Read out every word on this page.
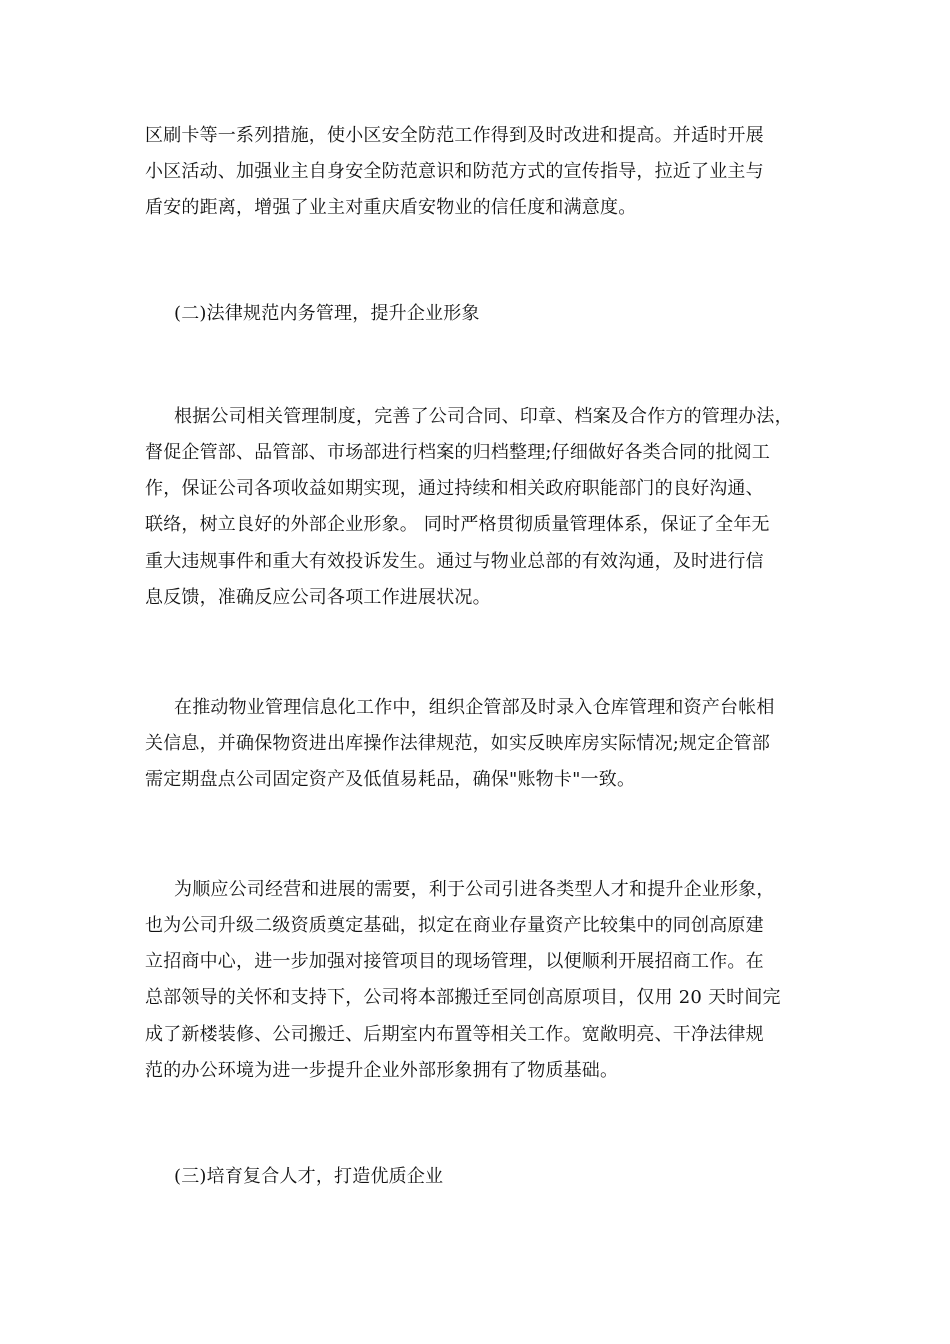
区刷卡等一系列措施，使小区安全防范工作得到及时改进和提高。并适时开展
小区活动、加强业主自身安全防范意识和防范方式的宣传指导，拉近了业主与
盾安的距离，增强了业主对重庆盾安物业的信任度和满意度。
(二)法律规范内务管理，提升企业形象
根据公司相关管理制度，完善了公司合同、印章、档案及合作方的管理办法，
督促企管部、品管部、市场部进行档案的归档整理;仔细做好各类合同的批阅工
作，保证公司各项收益如期实现，通过持续和相关政府职能部门的良好沟通、
联络，树立良好的外部企业形象。 同时严格贯彻质量管理体系，保证了全年无
重大违规事件和重大有效投诉发生。通过与物业总部的有效沟通，及时进行信
息反馈，准确反应公司各项工作进展状况。
在推动物业管理信息化工作中，组织企管部及时录入仓库管理和资产台帐相
关信息，并确保物资进出库操作法律规范，如实反映库房实际情况;规定企管部
需定期盘点公司固定资产及低值易耗品，确保"账物卡"一致。
为顺应公司经营和进展的需要，利于公司引进各类型人才和提升企业形象，
也为公司升级二级资质奠定基础，拟定在商业存量资产比较集中的同创高原建
立招商中心，进一步加强对接管项目的现场管理，以便顺利开展招商工作。在
总部领导的关怀和支持下，公司将本部搬迁至同创高原项目，仅用 20 天时间完
成了新楼装修、公司搬迁、后期室内布置等相关工作。宽敞明亮、干净法律规
范的办公环境为进一步提升企业外部形象拥有了物质基础。
(三)培育复合人才，打造优质企业
